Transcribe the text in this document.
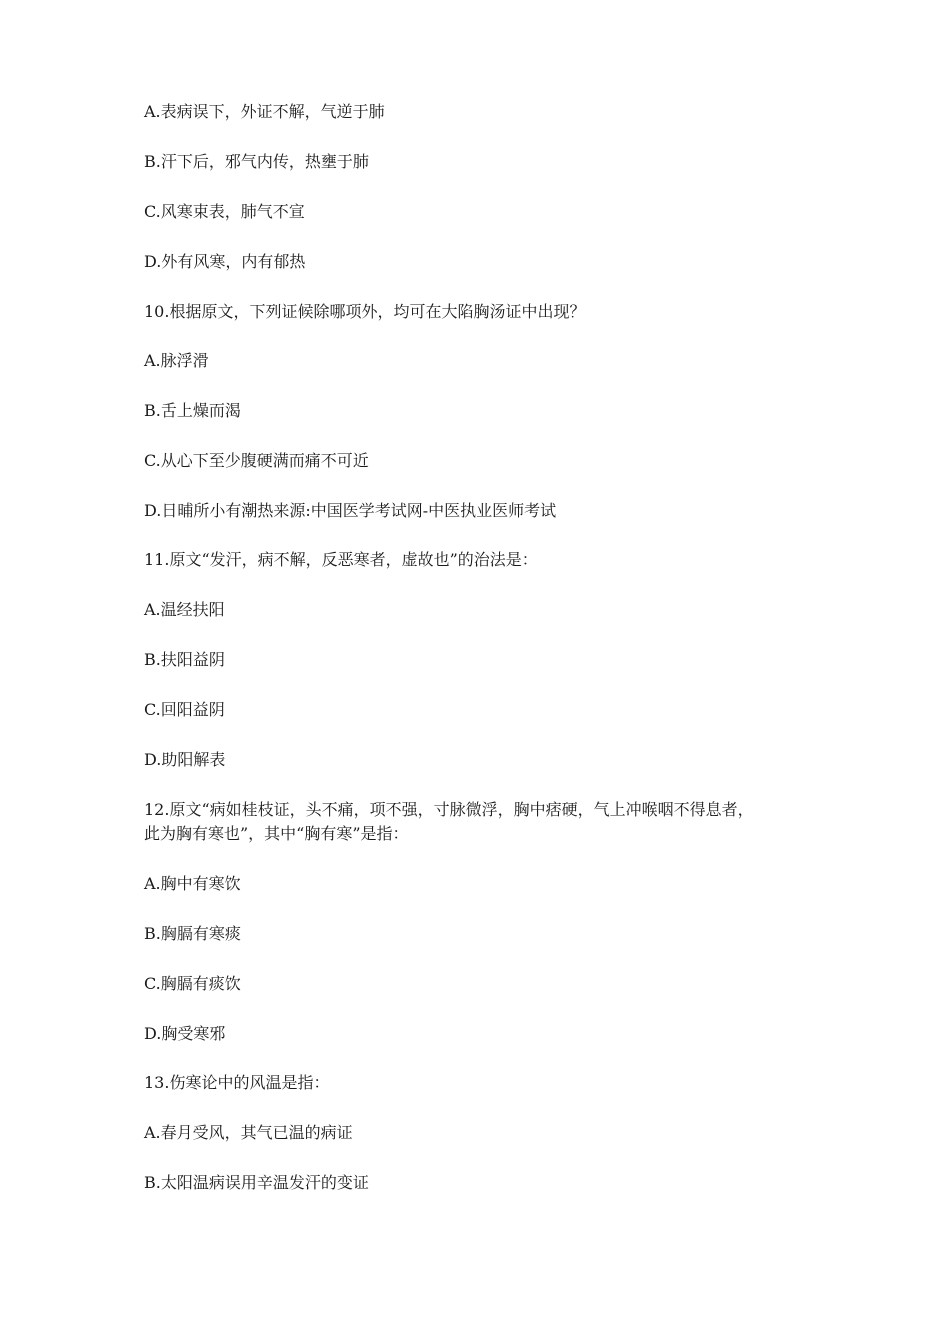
A.表病误下，外证不解，气逆于肺
B.汗下后，邪气内传，热壅于肺
C.风寒束表，肺气不宣
D.外有风寒，内有郁热
10.根据原文，下列证候除哪项外，均可在大陷胸汤证中出现？
A.脉浮滑
B.舌上燥而渴
C.从心下至少腹硬满而痛不可近
D.日晡所小有潮热来源:中国医学考试网-中医执业医师考试
11.原文“发汗，病不解，反恶寒者，虚故也”的治法是：
A.温经扶阳
B.扶阳益阴
C.回阳益阴
D.助阳解表
12.原文“病如桂枝证，头不痛，项不强，寸脉微浮，胸中痞硬，气上冲喉咽不得息者，
此为胸有寒也”，其中“胸有寒”是指：
A.胸中有寒饮
B.胸膈有寒痰
C.胸膈有痰饮
D.胸受寒邪
13.伤寒论中的风温是指：
A.春月受风，其气已温的病证
B.太阳温病误用辛温发汗的变证
